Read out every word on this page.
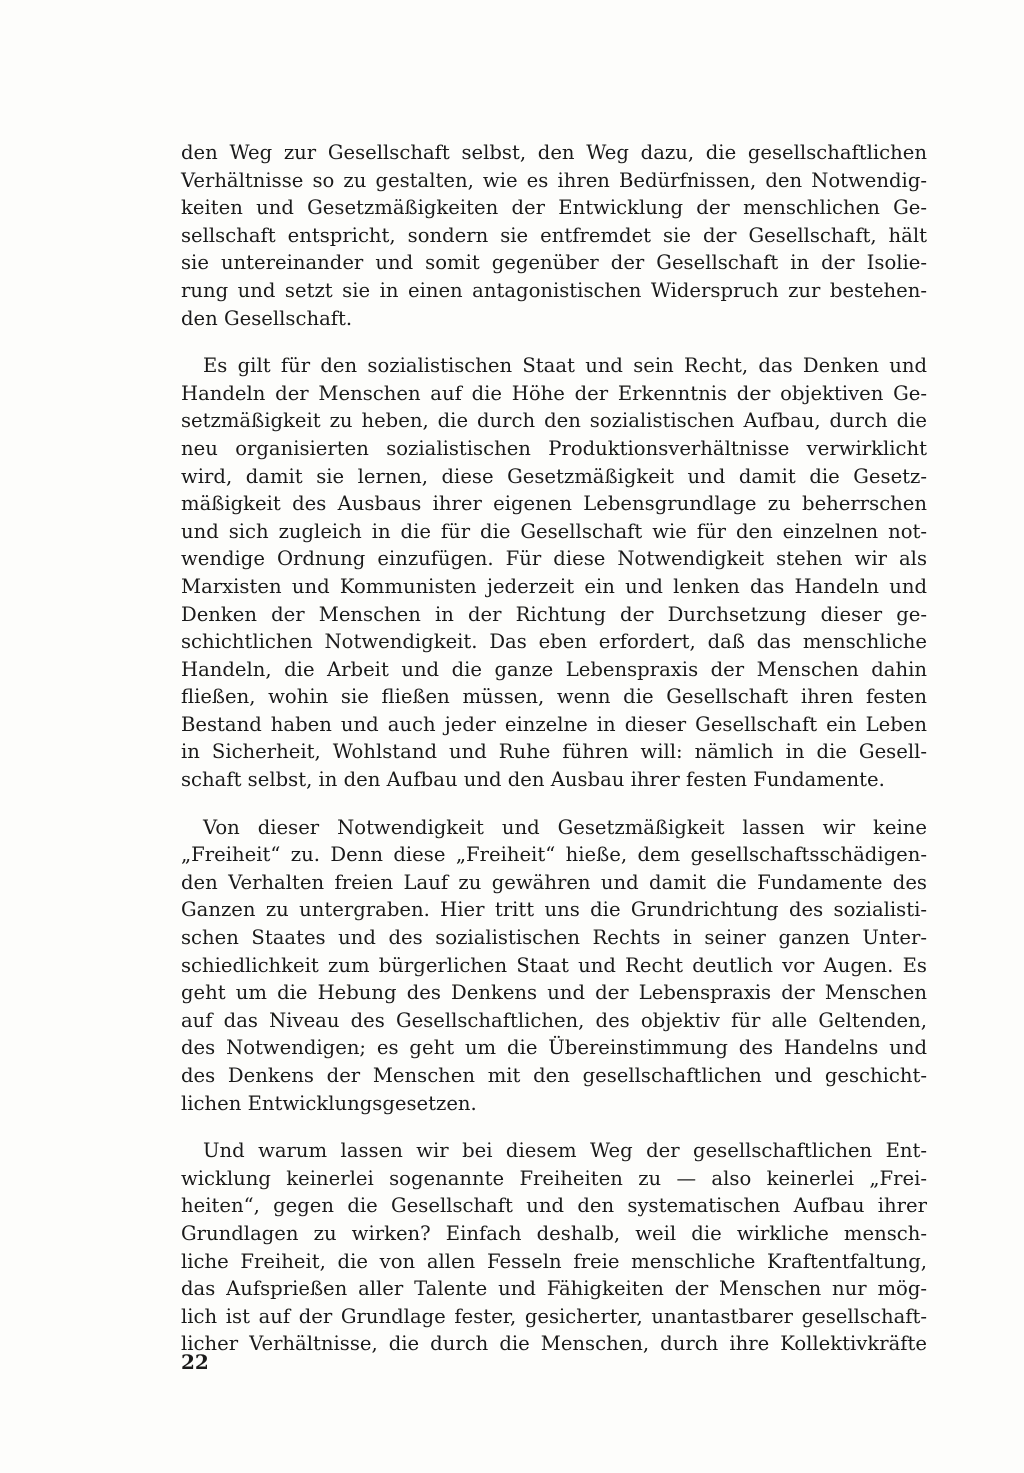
den Weg zur Gesellschaft selbst, den Weg dazu, die gesellschaftlichen
Verhältnisse so zu gestalten, wie es ihren Bedürfnissen, den Notwendig-
keiten und Gesetzmäßigkeiten der Entwicklung der menschlichen Ge-
sellschaft entspricht, sondern sie entfremdet sie der Gesellschaft, hält
sie untereinander und somit gegenüber der Gesellschaft in der Isolie-
rung und setzt sie in einen antagonistischen Widerspruch zur bestehen-
den Gesellschaft.
Es gilt für den sozialistischen Staat und sein Recht, das Denken und
Handeln der Menschen auf die Höhe der Erkenntnis der objektiven Ge-
setzmäßigkeit zu heben, die durch den sozialistischen Aufbau, durch die
neu organisierten sozialistischen Produktionsverhältnisse verwirklicht
wird, damit sie lernen, diese Gesetzmäßigkeit und damit die Gesetz-
mäßigkeit des Ausbaus ihrer eigenen Lebensgrundlage zu beherrschen
und sich zugleich in die für die Gesellschaft wie für den einzelnen not-
wendige Ordnung einzufügen. Für diese Notwendigkeit stehen wir als
Marxisten und Kommunisten jederzeit ein und lenken das Handeln und
Denken der Menschen in der Richtung der Durchsetzung dieser ge-
schichtlichen Notwendigkeit. Das eben erfordert, daß das menschliche
Handeln, die Arbeit und die ganze Lebenspraxis der Menschen dahin
fließen, wohin sie fließen müssen, wenn die Gesellschaft ihren festen
Bestand haben und auch jeder einzelne in dieser Gesellschaft ein Leben
in Sicherheit, Wohlstand und Ruhe führen will: nämlich in die Gesell-
schaft selbst, in den Aufbau und den Ausbau ihrer festen Fundamente.
Von dieser Notwendigkeit und Gesetzmäßigkeit lassen wir keine
„Freiheit“ zu. Denn diese „Freiheit“ hieße, dem gesellschaftsschädigen-
den Verhalten freien Lauf zu gewähren und damit die Fundamente des
Ganzen zu untergraben. Hier tritt uns die Grundrichtung des sozialisti-
schen Staates und des sozialistischen Rechts in seiner ganzen Unter-
schiedlichkeit zum bürgerlichen Staat und Recht deutlich vor Augen. Es
geht um die Hebung des Denkens und der Lebenspraxis der Menschen
auf das Niveau des Gesellschaftlichen, des objektiv für alle Geltenden,
des Notwendigen; es geht um die Übereinstimmung des Handelns und
des Denkens der Menschen mit den gesellschaftlichen und geschicht-
lichen Entwicklungsgesetzen.
Und warum lassen wir bei diesem Weg der gesellschaftlichen Ent-
wicklung keinerlei sogenannte Freiheiten zu — also keinerlei „Frei-
heiten“, gegen die Gesellschaft und den systematischen Aufbau ihrer
Grundlagen zu wirken? Einfach deshalb, weil die wirkliche mensch-
liche Freiheit, die von allen Fesseln freie menschliche Kraftentfaltung,
das Aufsprießen aller Talente und Fähigkeiten der Menschen nur mög-
lich ist auf der Grundlage fester, gesicherter, unantastbarer gesellschaft-
licher Verhältnisse, die durch die Menschen, durch ihre Kollektivkräfte
22
